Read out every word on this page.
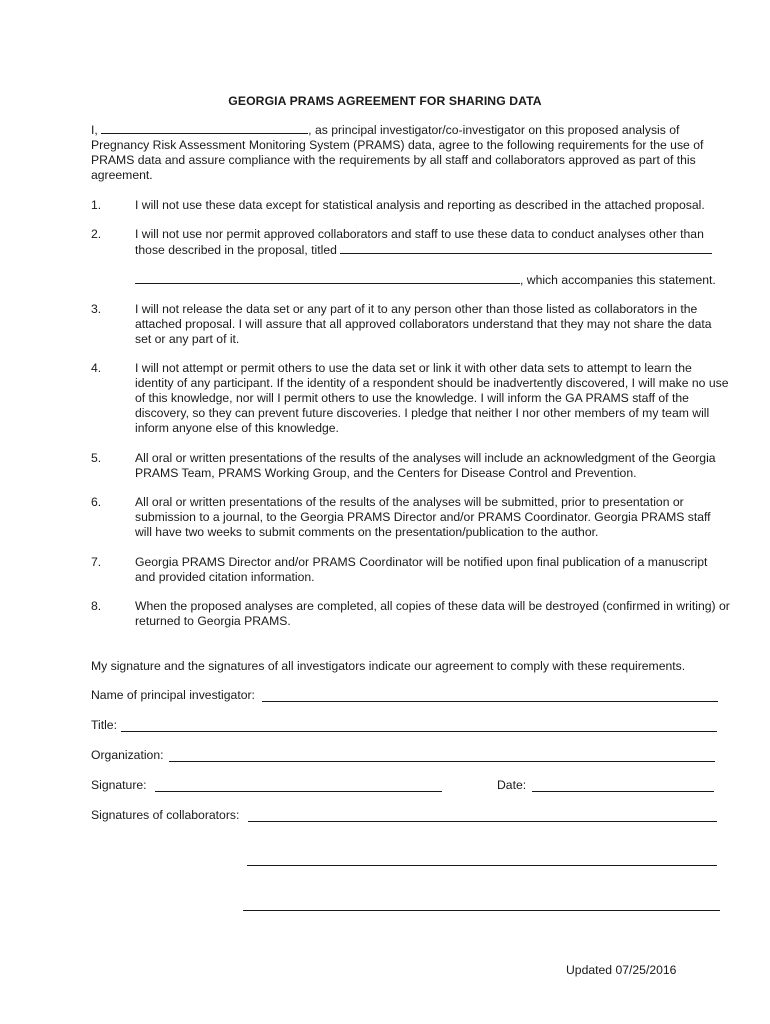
GEORGIA PRAMS AGREEMENT FOR SHARING DATA
I,	, as principal investigator/co-investigator on this proposed analysis of Pregnancy Risk Assessment Monitoring System (PRAMS) data, agree to the following requirements for the use of PRAMS data and assure compliance with the requirements by all staff and collaborators approved as part of this agreement.
1.	I will not use these data except for statistical analysis and reporting as described in the attached proposal.
2.	I will not use nor permit approved collaborators and staff to use these data to conduct analyses other than those described in the proposal, titled
, which accompanies this statement.
3.	I will not release the data set or any part of it to any person other than those listed as collaborators in the attached proposal. I will assure that all approved collaborators understand that they may not share the data set or any part of it.
4.	I will not attempt or permit others to use the data set or link it with other data sets to attempt to learn the identity of any participant. If the identity of a respondent should be inadvertently discovered, I will make no use of this knowledge, nor will I permit others to use the knowledge. I will inform the GA PRAMS staff of the discovery, so they can prevent future discoveries. I pledge that neither I nor other members of my team will inform anyone else of this knowledge.
5.	All oral or written presentations of the results of the analyses will include an acknowledgment of the Georgia PRAMS Team, PRAMS Working Group, and the Centers for Disease Control and Prevention.
6.	All oral or written presentations of the results of the analyses will be submitted, prior to presentation or submission to a journal, to the Georgia PRAMS Director and/or PRAMS Coordinator. Georgia PRAMS staff will have two weeks to submit comments on the presentation/publication to the author.
7.	Georgia PRAMS Director and/or PRAMS Coordinator will be notified upon final publication of a manuscript and provided citation information.
8.	When the proposed analyses are completed, all copies of these data will be destroyed (confirmed in writing) or returned to Georgia PRAMS.
My signature and the signatures of all investigators indicate our agreement to comply with these requirements.
Name of principal investigator:
Title:
Organization:
Signature:	Date:
Signatures of collaborators:
Updated 07/25/2016
